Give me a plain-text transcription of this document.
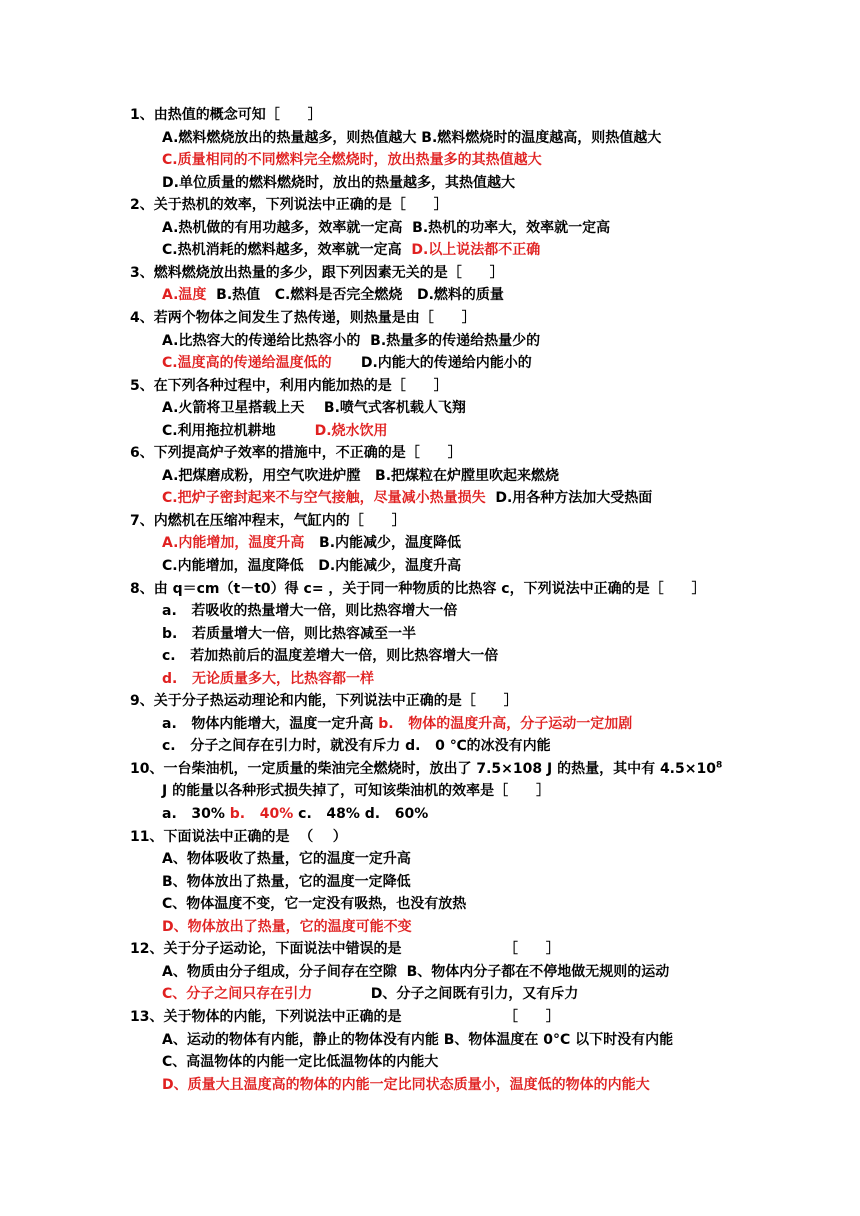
1、由热值的概念可知［　　］
A.燃料燃烧放出的热量越多，则热值越大 B.燃料燃烧时的温度越高，则热值越大
C.质量相同的不同燃料完全燃烧时，放出热量多的其热值越大
D.单位质量的燃料燃烧时，放出的热量越多，其热值越大
2、关于热机的效率，下列说法中正确的是［　　］
A.热机做的有用功越多，效率就一定高  B.热机的功率大，效率就一定高
C.热机消耗的燃料越多，效率就一定高  D.以上说法都不正确
3、燃料燃烧放出热量的多少，跟下列因素无关的是［　　］
A.温度  B.热值   C.燃料是否完全燃烧   D.燃料的质量
4、若两个物体之间发生了热传递，则热量是由［　　］
A.比热容大的传递给比热容小的  B.热量多的传递给热量少的
C.温度高的传递给温度低的      D.内能大的传递给内能小的
5、在下列各种过程中，利用内能加热的是［　　］
A.火箭将卫星搭载上天    B.喷气式客机载人飞翔
C.利用拖拉机耕地        D.烧水饮用
6、下列提高炉子效率的措施中，不正确的是［　　］
A.把煤磨成粉，用空气吹进炉膛   B.把煤粒在炉膛里吹起来燃烧
C.把炉子密封起来不与空气接触，尽量减小热量损失  D.用各种方法加大受热面
7、内燃机在压缩冲程末，气缸内的［　　］
A.内能增加，温度升高   B.内能减少，温度降低
C.内能增加，温度降低   D.内能减少，温度升高
8、由 q＝cm（t－t0）得 c= ，关于同一种物质的比热容 c，下列说法中正确的是［　　］
a.   若吸收的热量增大一倍，则比热容增大一倍
b.   若质量增大一倍，则比热容减至一半
c.   若加热前后的温度差增大一倍，则比热容增大一倍
d.   无论质量多大，比热容都一样
9、关于分子热运动理论和内能，下列说法中正确的是［　　］
a.   物体内能增大，温度一定升高 b.   物体的温度升高，分子运动一定加剧
c.   分子之间存在引力时，就没有斥力 d.   0 ℃的冰没有内能
10、一台柴油机，一定质量的柴油完全燃烧时，放出了 7.5×108 J 的热量，其中有 $4.5\times 10^8$
J 的能量以各种形式损失掉了，可知该柴油机的效率是［　　］
a.   30% b.   40% c.   48% d.   60%
11、下面说法中正确的是  （    ）
A、物体吸收了热量，它的温度一定升高
B、物体放出了热量，它的温度一定降低
C、物体温度不变，它一定没有吸热，也没有放热
D、物体放出了热量，它的温度可能不变
12、关于分子运动论，下面说法中错误的是                     ［　　］
A、物质由分子组成，分子间存在空隙  B、物体内分子都在不停地做无规则的运动
C、分子之间只存在引力            D、分子之间既有引力，又有斥力
13、关于物体的内能，下列说法中正确的是                     ［　　］
A、运动的物体有内能，静止的物体没有内能 B、物体温度在 0°C 以下时没有内能
C、高温物体的内能一定比低温物体的内能大
D、质量大且温度高的物体的内能一定比同状态质量小，温度低的物体的内能大
